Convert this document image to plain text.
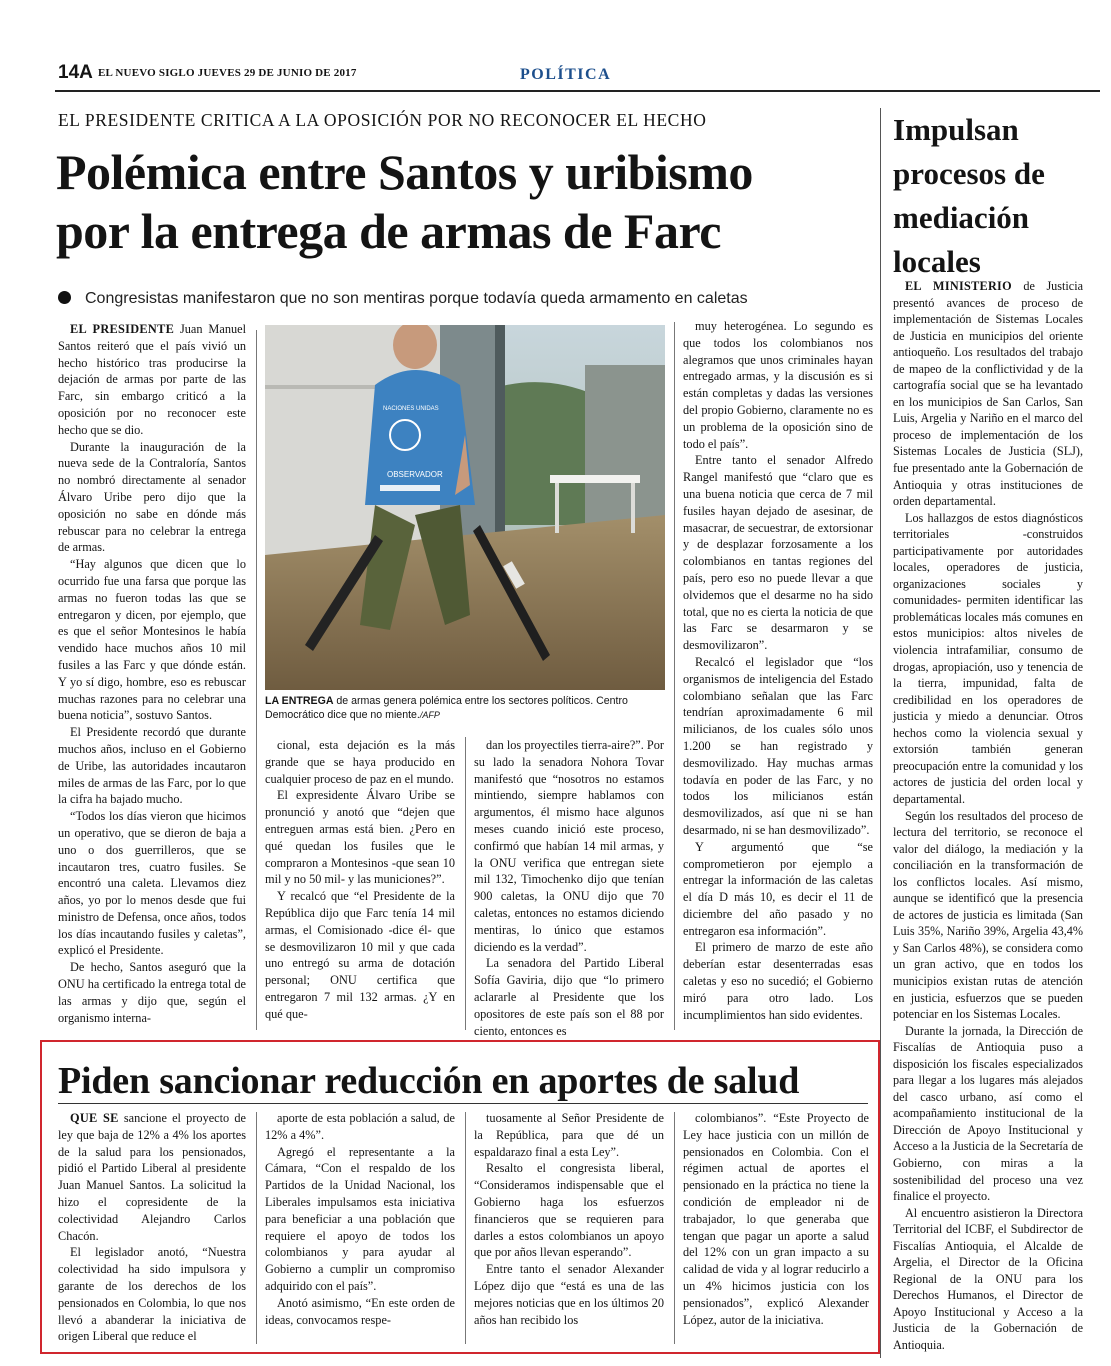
14A EL NUEVO SIGLO JUEVES 29 DE JUNIO DE 2017	POLÍTICA
EL PRESIDENTE CRITICA A LA OPOSICIÓN POR NO RECONOCER EL HECHO
Polémica entre Santos y uribismo
por la entrega de armas de Farc
Congresistas manifestaron que no son mentiras porque todavía queda armamento en caletas

EL PRESIDENTE Juan Manuel Santos reiteró que el país vivió un hecho histórico tras producirse la dejación de armas por parte de las Farc, sin embargo criticó a la oposición por no reconocer este hecho que se dio.

Durante la inauguración de la nueva sede de la Contraloría, Santos no nombró directamente al senador Álvaro Uribe pero dijo que la oposición no sabe en dónde más rebuscar para no celebrar la entrega de armas.

“Hay algunos que dicen que lo ocurrido fue una farsa que porque las armas no fueron todas las que se entregaron y dicen, por ejemplo, que es que el señor Montesinos le había vendido hace muchos años 10 mil fusiles a las Farc y que dónde están. Y yo sí digo, hombre, eso es rebuscar muchas razones para no celebrar una buena noticia”, sostuvo Santos.

El Presidente recordó que durante muchos años, incluso en el Gobierno de Uribe, las autoridades incautaron miles de armas de las Farc, por lo que la cifra ha bajado mucho.

“Todos los días vieron que hicimos un operativo, que se dieron de baja a uno o dos guerrilleros, que se incautaron tres, cuatro fusiles. Se encontró una caleta. Llevamos diez años, yo por lo menos desde que fui ministro de Defensa, once años, todos los días incautando fusiles y caletas”, explicó el Presidente.

De hecho, Santos aseguró que la ONU ha certificado la entrega total de las armas y dijo que, según el organismo interna-

cional, esta dejación es la más grande que se haya producido en cualquier proceso de paz en el mundo.

El expresidente Álvaro Uribe se pronunció y anotó que “dejen que entreguen armas está bien. ¿Pero en qué quedan los fusiles que le compraron a Montesinos -que sean 10 mil y no 50 mil- y las municiones?”.

Y recalcó que “el Presidente de la República dijo que Farc tenía 14 mil armas, el Comisionado -dice él- que se desmovilizaron 10 mil y que cada uno entregó su arma de dotación personal; ONU certifica que entregaron 7 mil 132 armas. ¿Y en qué que-

dan los proyectiles tierra-aire?”. Por su lado la senadora Nohora Tovar manifestó que “nosotros no estamos mintiendo, siempre hablamos con argumentos, él mismo hace algunos meses cuando inició este proceso, confirmó que habían 14 mil armas, y la ONU verifica que entregan siete mil 132, Timochenko dijo que tenían 900 caletas, la ONU dijo que 70 caletas, entonces no estamos diciendo mentiras, lo único que estamos diciendo es la verdad”.

La senadora del Partido Liberal Sofía Gaviria, dijo que “lo primero aclararle al Presidente que los opositores de este país son el 88 por ciento, entonces es

muy heterogénea. Lo segundo es que todos los colombianos nos alegramos que unos criminales hayan entregado armas, y la discusión es si están completas y dadas las versiones del propio Gobierno, claramente no es un problema de la oposición sino de todo el país”.

Entre tanto el senador Alfredo Rangel manifestó que “claro que es una buena noticia que cerca de 7 mil fusiles hayan dejado de asesinar, de masacrar, de secuestrar, de extorsionar y de desplazar forzosamente a los colombianos en tantas regiones del país, pero eso no puede llevar a que olvidemos que el desarme no ha sido total, que no es cierta la noticia de que las Farc se desarmaron y se desmovilizaron”.

Recalcó el legislador que “los organismos de inteligencia del Estado colombiano señalan que las Farc tendrían aproximadamente 6 mil milicianos, de los cuales sólo unos 1.200 se han registrado y desmovilizado. Hay muchas armas todavía en poder de las Farc, y no todos los milicianos están desmovilizados, así que ni se han desarmado, ni se han desmovilizado”.

Y argumentó que “se comprometieron por ejemplo a entregar la información de las caletas el día D más 10, es decir el 11 de diciembre del año pasado y no entregaron esa información”.

El primero de marzo de este año deberían estar desenterradas esas caletas y eso no sucedió; el Gobierno miró para otro lado. Los incumplimientos han sido evidentes.

OBSERVADOR
NACIONES UNIDAS
LA ENTREGA de armas genera polémica entre los sectores políticos. Centro Democrático dice que no miente./AFP
Impulsan
procesos de
mediación
locales

EL MINISTERIO de Justicia presentó avances de proceso de implementación de Sistemas Locales de Justicia en municipios del oriente antioqueño. Los resultados del trabajo de mapeo de la conflictividad y de la cartografía social que se ha levantado en los municipios de San Carlos, San Luis, Argelia y Nariño en el marco del proceso de implementación de los Sistemas Locales de Justicia (SLJ), fue presentado ante la Gobernación de Antioquia y otras instituciones de orden departamental.

Los hallazgos de estos diagnósticos territoriales -construidos participativamente por autoridades locales, operadores de justicia, organizaciones sociales y comunidades- permiten identificar las problemáticas locales más comunes en estos municipios: altos niveles de violencia intrafamiliar, consumo de drogas, apropiación, uso y tenencia de la tierra, impunidad, falta de credibilidad en los operadores de justicia y miedo a denunciar. Otros hechos como la violencia sexual y extorsión también generan preocupación entre la comunidad y los actores de justicia del orden local y departamental.

Según los resultados del proceso de lectura del territorio, se reconoce el valor del diálogo, la mediación y la conciliación en la transformación de los conflictos locales. Así mismo, aunque se identificó que la presencia de actores de justicia es limitada (San Luis 35%, Nariño 39%, Argelia 43,4% y San Carlos 48%), se considera como un gran activo, que en todos los municipios existan rutas de atención en justicia, esfuerzos que se pueden potenciar en los Sistemas Locales.

Durante la jornada, la Dirección de Fiscalías de Antioquia puso a disposición los fiscales especializados para llegar a los lugares más alejados del casco urbano, así como el acompañamiento institucional de la Dirección de Apoyo Institucional y Acceso a la Justicia de la Secretaría de Gobierno, con miras a la sostenibilidad del proceso una vez finalice el proyecto.

Al encuentro asistieron la Directora Territorial del ICBF, el Subdirector de Fiscalías Antioquia, el Alcalde de Argelia, el Director de la Oficina Regional de la ONU para los Derechos Humanos, el Director de Apoyo Institucional y Acceso a la Justicia de la Gobernación de Antioquia.

Piden sancionar reducción en aportes de salud

QUE SE sancione el proyecto de ley que baja de 12% a 4% los aportes de la salud para los pensionados, pidió el Partido Liberal al presidente Juan Manuel Santos. La solicitud la hizo el copresidente de la colectividad Alejandro Carlos Chacón.

El legislador anotó, “Nuestra colectividad ha sido impulsora y garante de los derechos de los pensionados en Colombia, lo que nos llevó a abanderar la iniciativa de origen Liberal que reduce el

aporte de esta población a salud, de 12% a 4%”.

Agregó el representante a la Cámara, “Con el respaldo de los Partidos de la Unidad Nacional, los Liberales impulsamos esta iniciativa para beneficiar a una población que requiere el apoyo de todos los colombianos y para ayudar al Gobierno a cumplir un compromiso adquirido con el país”.

Anotó asimismo, “En este orden de ideas, convocamos respe-

tuosamente al Señor Presidente de la República, para que dé un espaldarazo final a esta Ley”.

Resalto el congresista liberal, “Consideramos indispensable que el Gobierno haga los esfuerzos financieros que se requieren para darles a estos colombianos un apoyo que por años llevan esperando”.

Entre tanto el senador Alexander López dijo que “está es una de las mejores noticias que en los últimos 20 años han recibido los

colombianos”. “Este Proyecto de Ley hace justicia con un millón de pensionados en Colombia. Con el régimen actual de aportes el pensionado en la práctica no tiene la condición de empleador ni de trabajador, lo que generaba que tengan que pagar un aporte a salud del 12% con un gran impacto a su calidad de vida y al lograr reducirlo a un 4% hicimos justicia con los pensionados”, explicó Alexander López, autor de la iniciativa.
